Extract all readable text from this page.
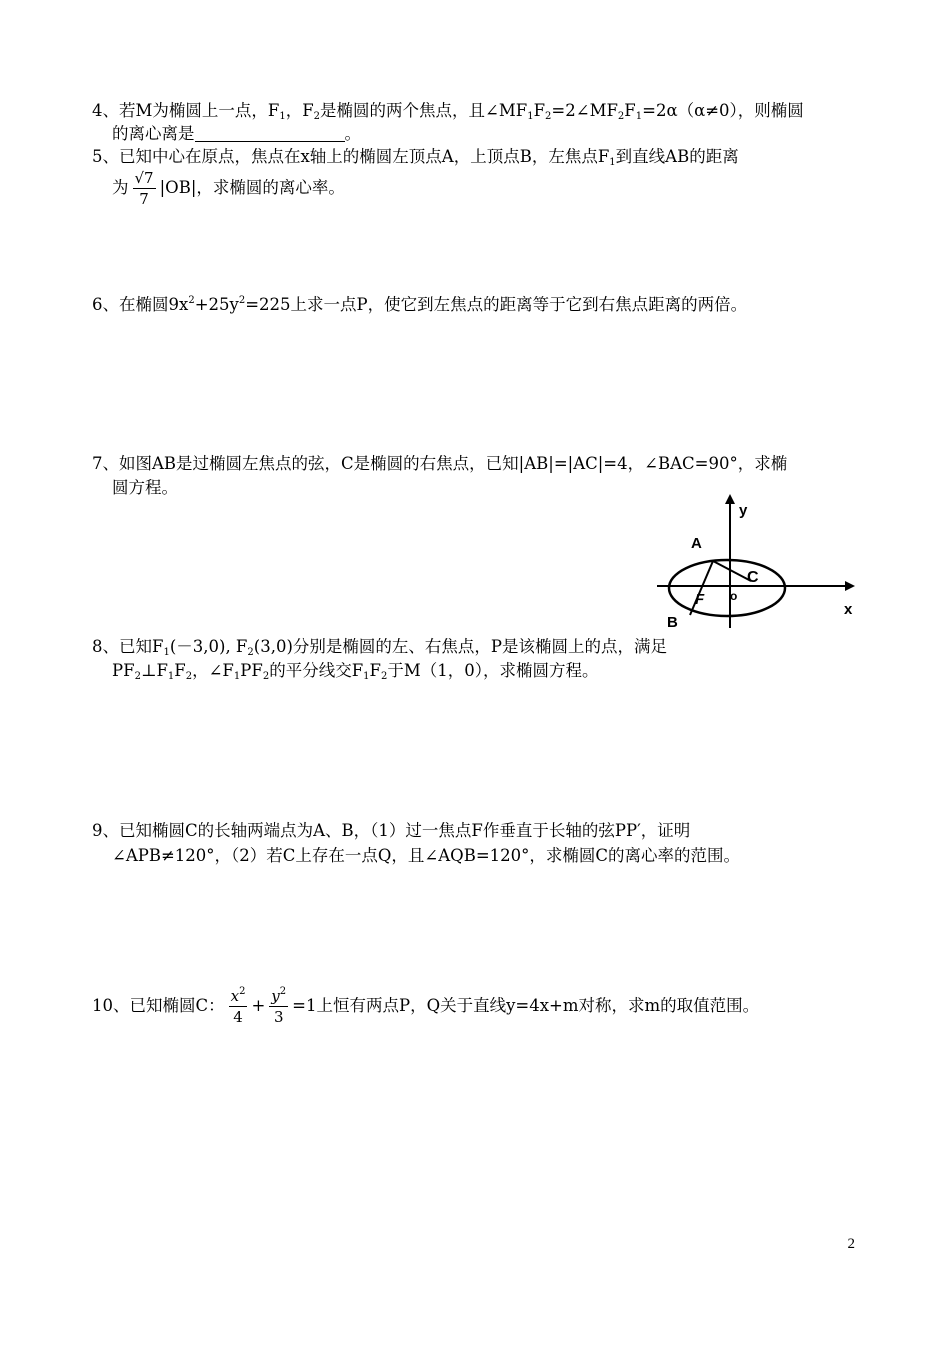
4、若M为椭圆上一点，$F_1$，$F_2$是椭圆的两个焦点，且$\angle MF_1F_2=2\angle MF_2F_1=2\alpha(\alpha\ne 0)$，则椭圆
的离心离是	。
5、已知中心在原点，焦点在x轴上的椭圆左顶点A，上顶点B，左焦点$F_1$到直线AB的距离
为 $\frac{√7}{7} |OB|$，求椭圆的离心率。
6、在椭圆$9x^2+25y^2=225$上求一点P，使它到左焦点的距离等于它到右焦点距离的两倍。
7、如图AB是过椭圆左焦点的弦，C是椭圆的右焦点，已知|AB|=|AC|=4，∠BAC=90°，求椭
圆方程。
A
y
C
F o
B
x
8、已知$F_1(-3,0)$, $F_2(3,0)$分别是椭圆的左、右焦点，P是该椭圆上的点，满足
$PF_2\perp F_1F_2$，$\angle F_1PF_2$的平分线交$F_1F_2$于M（1，0），求椭圆方程。
9、已知椭圆C的长轴两端点为A、B，（1）过一焦点F作垂直于长轴的弦PP′，证明
∠APB≠120°，（2）若C上存在一点Q，且∠AQB=120°，求椭圆C的离心率的范围。
10、已知椭圆C： $\frac{x^2}{4} + \frac{y^2}{3} =1$上恒有两点P，Q关于直线y=4x+m对称，求m的取值范围。
2
